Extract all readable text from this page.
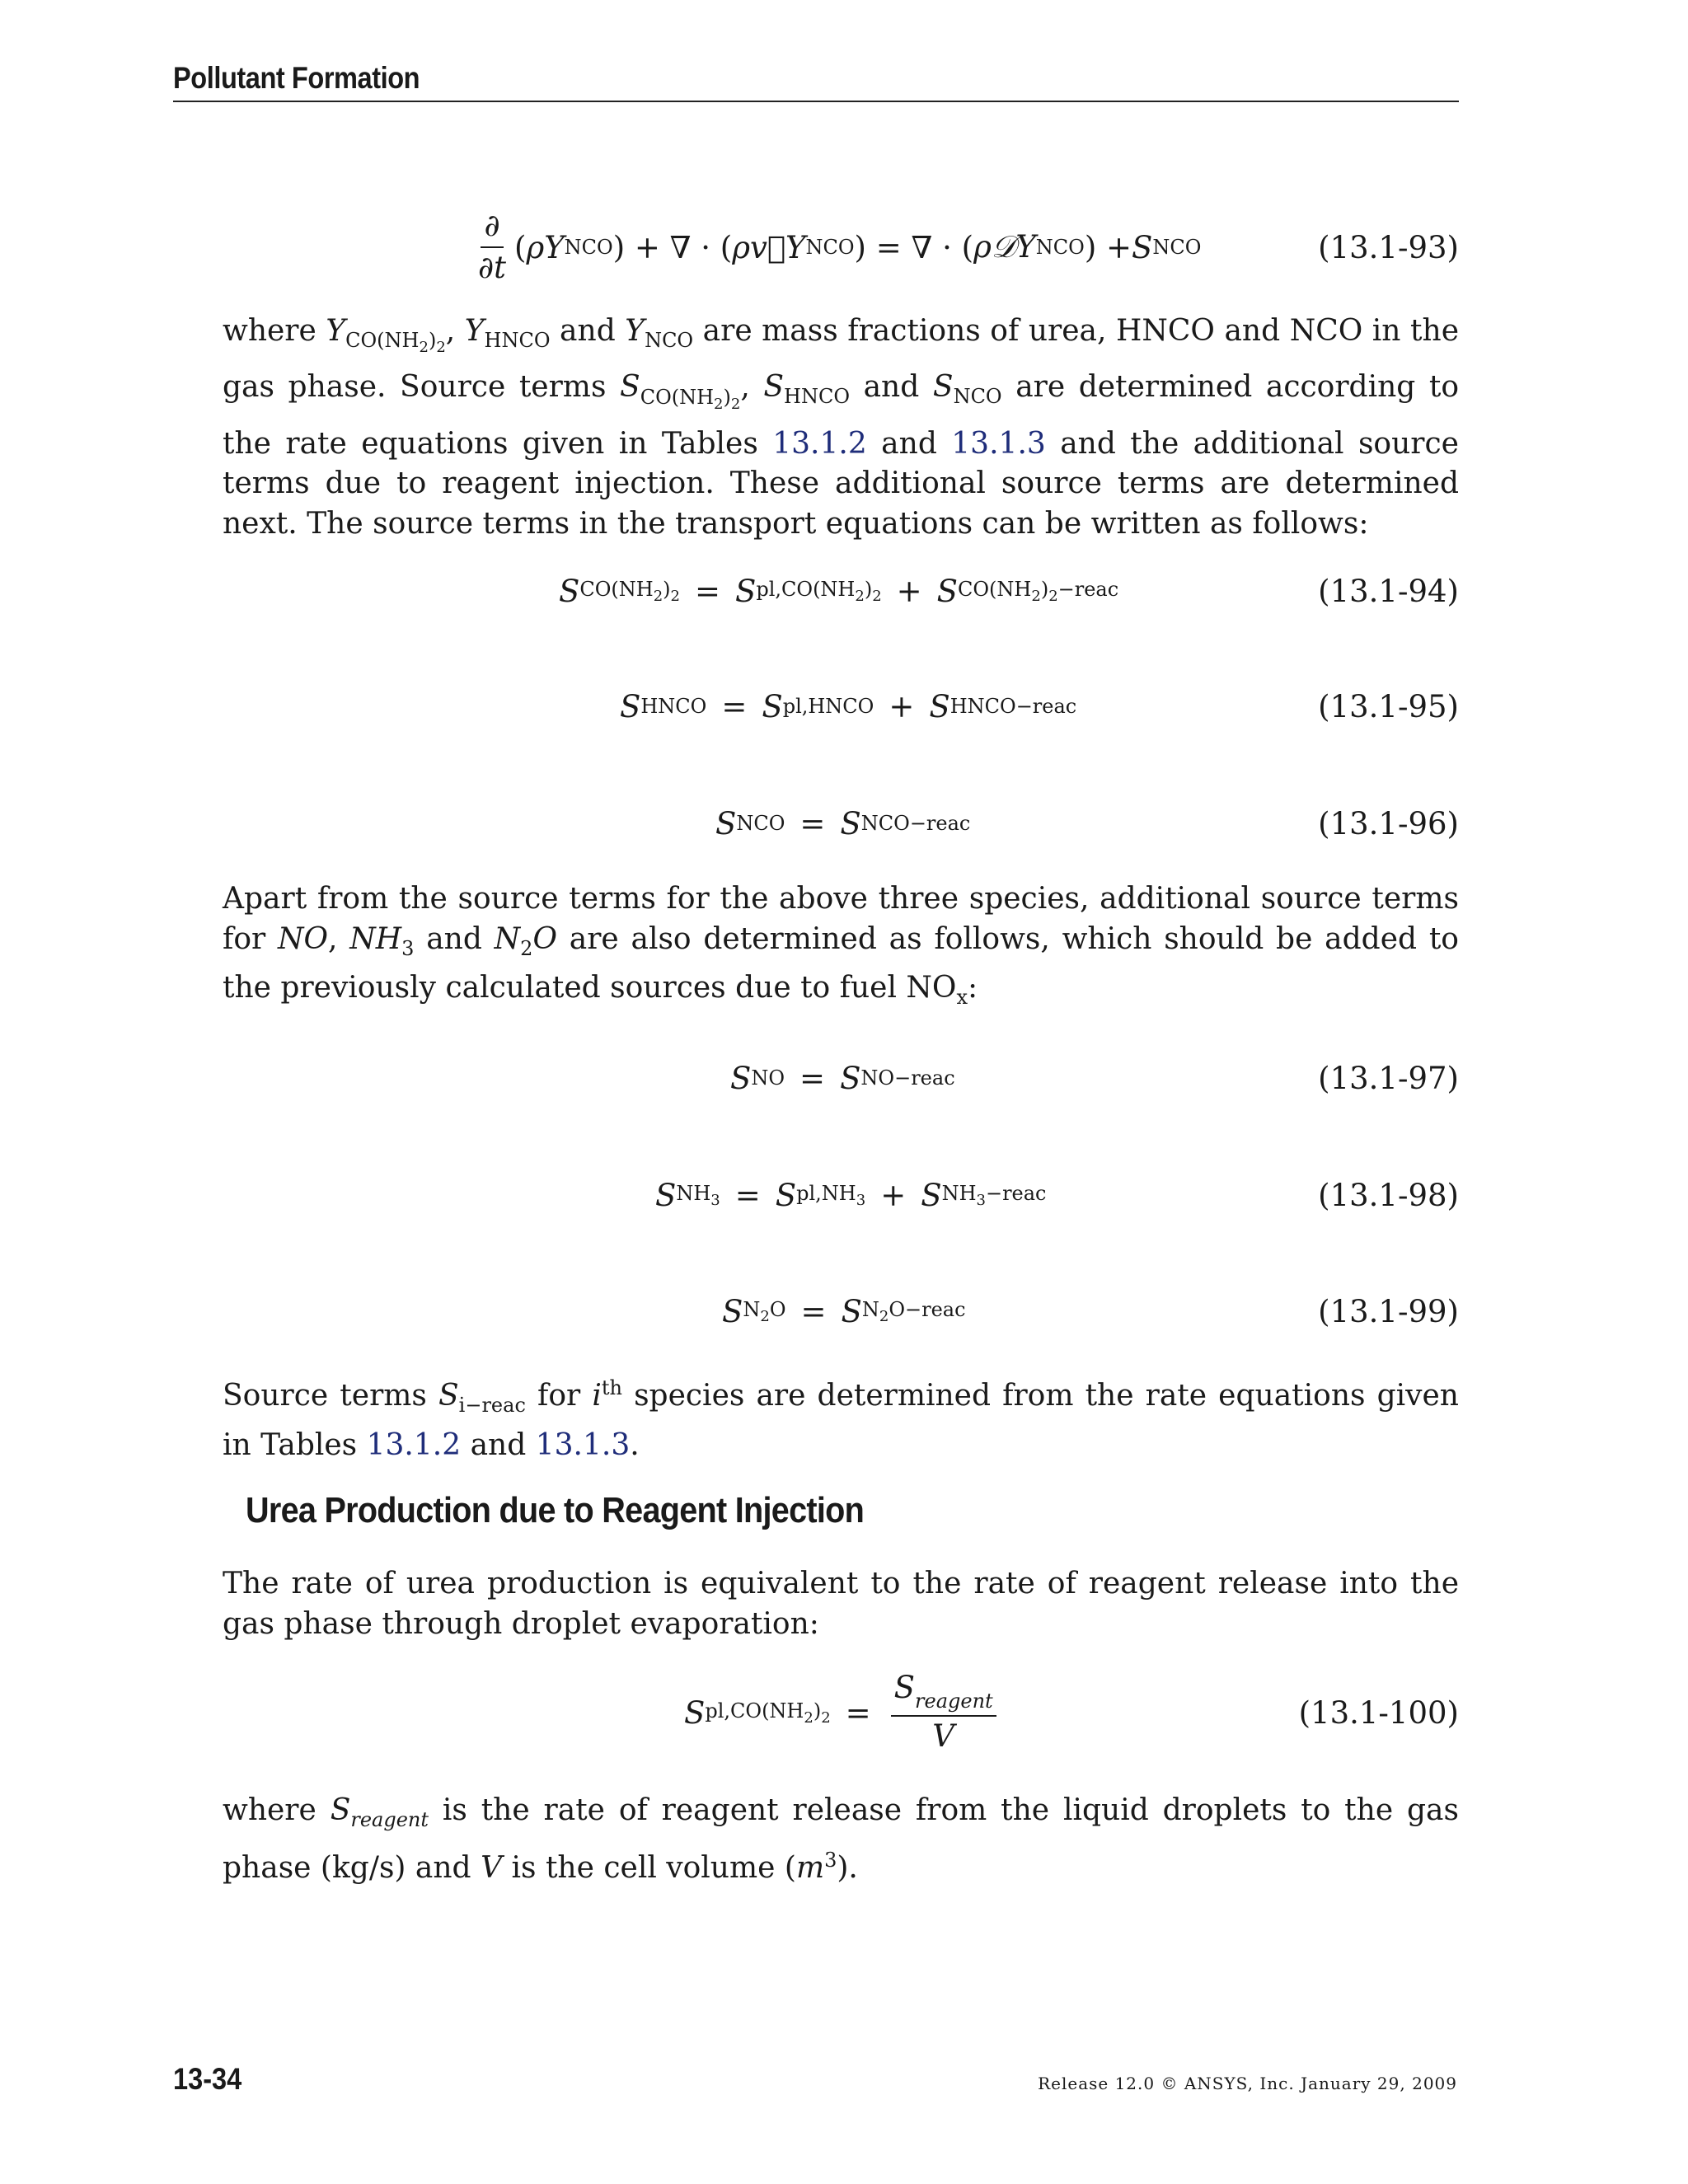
Pollutant Formation
$\frac{\partial}{\partial t}$ ( ρY NCO ) + ∇ · ( ρv⃗Y NCO ) = ∇ · ( ρ𝒟Y NCO ) + S NCO	(13.1-93)
where $Y_{CO(NH_2)_2}$, $Y_{HNCO}$ and $Y_{NCO}$ are mass fractions of urea, HNCO and NCO in the gas phase. Source terms $S_{CO(NH_2)_2}$, $S_{HNCO}$ and $S_{NCO}$ are determined according to the rate equations given in Tables 13.1.2 and 13.1.3 and the additional source terms due to reagent injection. These additional source terms are determined next. The source terms in the transport equations can be written as follows:
S $CO(NH_2)_2 = S$ $pl,CO(NH_2)_2 + S$ $CO(NH_2)_2-reac$	(13.1-94)
S HNCO = S pl,HNCO + S HNCO−reac	(13.1-95)
S NCO = S NCO−reac	(13.1-96)
Apart from the source terms for the above three species, additional source terms for NO, $NH_3$ and $N_2O$ are also determined as follows, which should be added to the previously calculated sources due to fuel $NO_x$:
S NO = S NO−reac	(13.1-97)
S $NH_3 = S$ $pl,NH_3 + S$ $NH_3-reac$	(13.1-98)
S $N_2O = S$ $N_2O-reac$	(13.1-99)
Source terms $S_{i-reac}$ for $i^{th}$ species are determined from the rate equations given in Tables 13.1.2 and 13.1.3.
Urea Production due to Reagent Injection
The rate of urea production is equivalent to the rate of reagent release into the gas phase through droplet evaporation:
S $pl,CO(NH_2)_2 = \frac{S_{reagent}}{V}$	(13.1-100)
where $S_{reagent}$ is the rate of reagent release from the liquid droplets to the gas phase (kg/s) and V is the cell volume $(m^3)$.
13-34	Release 12.0 © ANSYS, Inc. January 29, 2009
